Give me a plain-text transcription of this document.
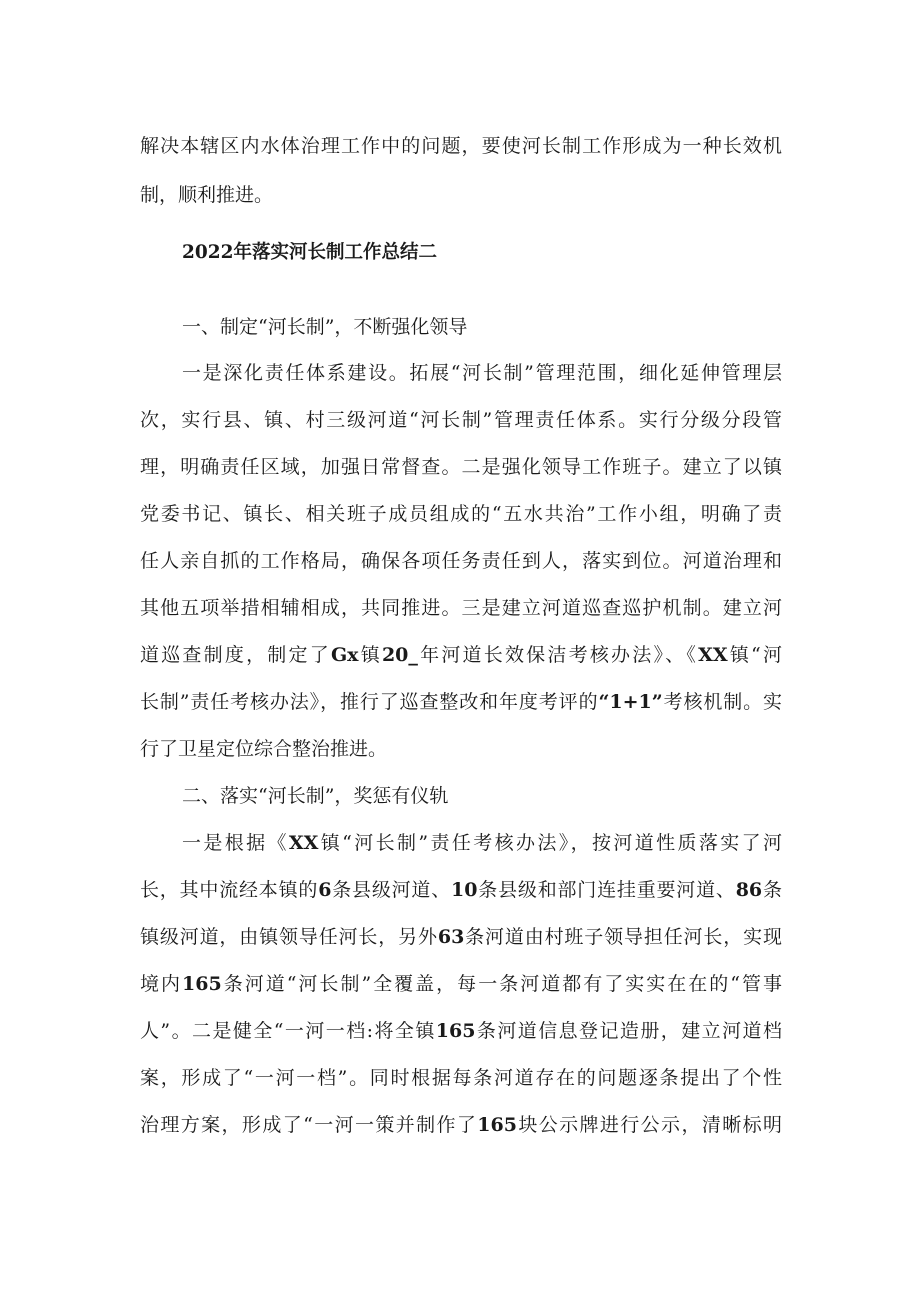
解决本辖区内水体治理工作中的问题，要使河长制工作形成为一种长效机
制，顺利推进。
2022年落实河长制工作总结二
一、制定“河长制”，不断强化领导
一是深化责任体系建设。拓展“河长制”管理范围，细化延伸管理层
次，实行县、镇、村三级河道“河长制”管理责任体系。实行分级分段管
理，明确责任区域，加强日常督查。二是强化领导工作班子。建立了以镇
党委书记、镇长、相关班子成员组成的“五水共治”工作小组，明确了责
任人亲自抓的工作格局，确保各项任务责任到人，落实到位。河道治理和
其他五项举措相辅相成，共同推进。三是建立河道巡查巡护机制。建立河
道巡查制度，制定了Gx镇20_年河道长效保洁考核办法》、《XX镇“河
长制”责任考核办法》，推行了巡查整改和年度考评的“1+1”考核机制。实
行了卫星定位综合整治推进。
二、落实“河长制”，奖惩有仪轨
一是根据《XX镇“河长制”责任考核办法》，按河道性质落实了河
长，其中流经本镇的6条县级河道、10条县级和部门连挂重要河道、86条
镇级河道，由镇领导任河长，另外63条河道由村班子领导担任河长，实现
境内165条河道“河长制”全覆盖，每一条河道都有了实实在在的“管事
人”。二是健全“一河一档:将全镇165条河道信息登记造册，建立河道档
案，形成了“一河一档”。同时根据每条河道存在的问题逐条提出了个性
治理方案，形成了“一河一策并制作了165块公示牌进行公示，清晰标明
